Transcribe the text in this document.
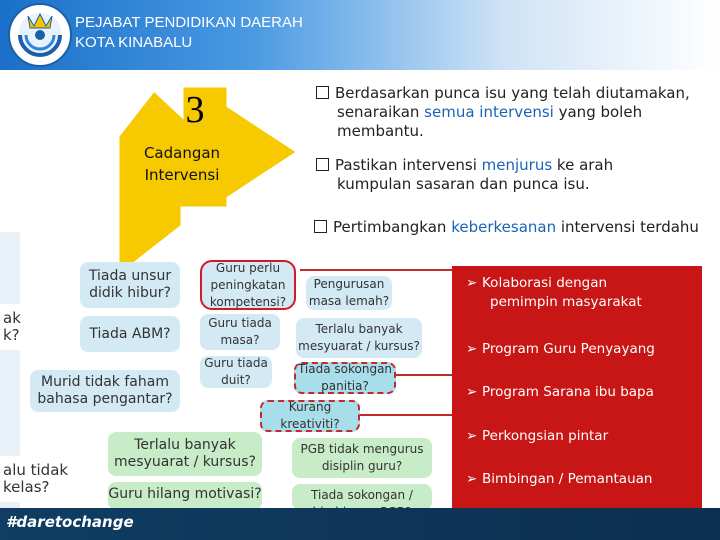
PEJABAT PENDIDIKAN DAERAH
KOTA KINABALU
ak k?
alu tidak kelas?
3
Cadangan
Intervensi
Berdasarkan punca isu yang telah diutamakan,
senaraikan semua intervensi yang boleh
membantu.
Pastikan intervensi menjurus ke arah
kumpulan sasaran dan punca isu.
Pertimbangkan keberkesanan intervensi terdahu
Tiada unsur didik hibur?
Tiada ABM?
Murid tidak faham bahasa pengantar?
Terlalu banyak mesyuarat / kursus?
Guru hilang motivasi?
Guru perlu peningkatan kompetensi?
Guru tiada masa?
Guru tiada duit?
Kurang kreativiti?
Pengurusan masa lemah?
Terlalu banyak mesyuarat / kursus?
Tiada sokongan panitia?
PGB tidak mengurus disiplin guru?
Tiada sokongan /
➢ Kolaborasi dengan
pemimpin masyarakat
➢ Program Guru Penyayang
➢ Program Sarana ibu bapa
➢ Perkongsian pintar
➢ Bimbingan / Pemantauan
#daretochange
